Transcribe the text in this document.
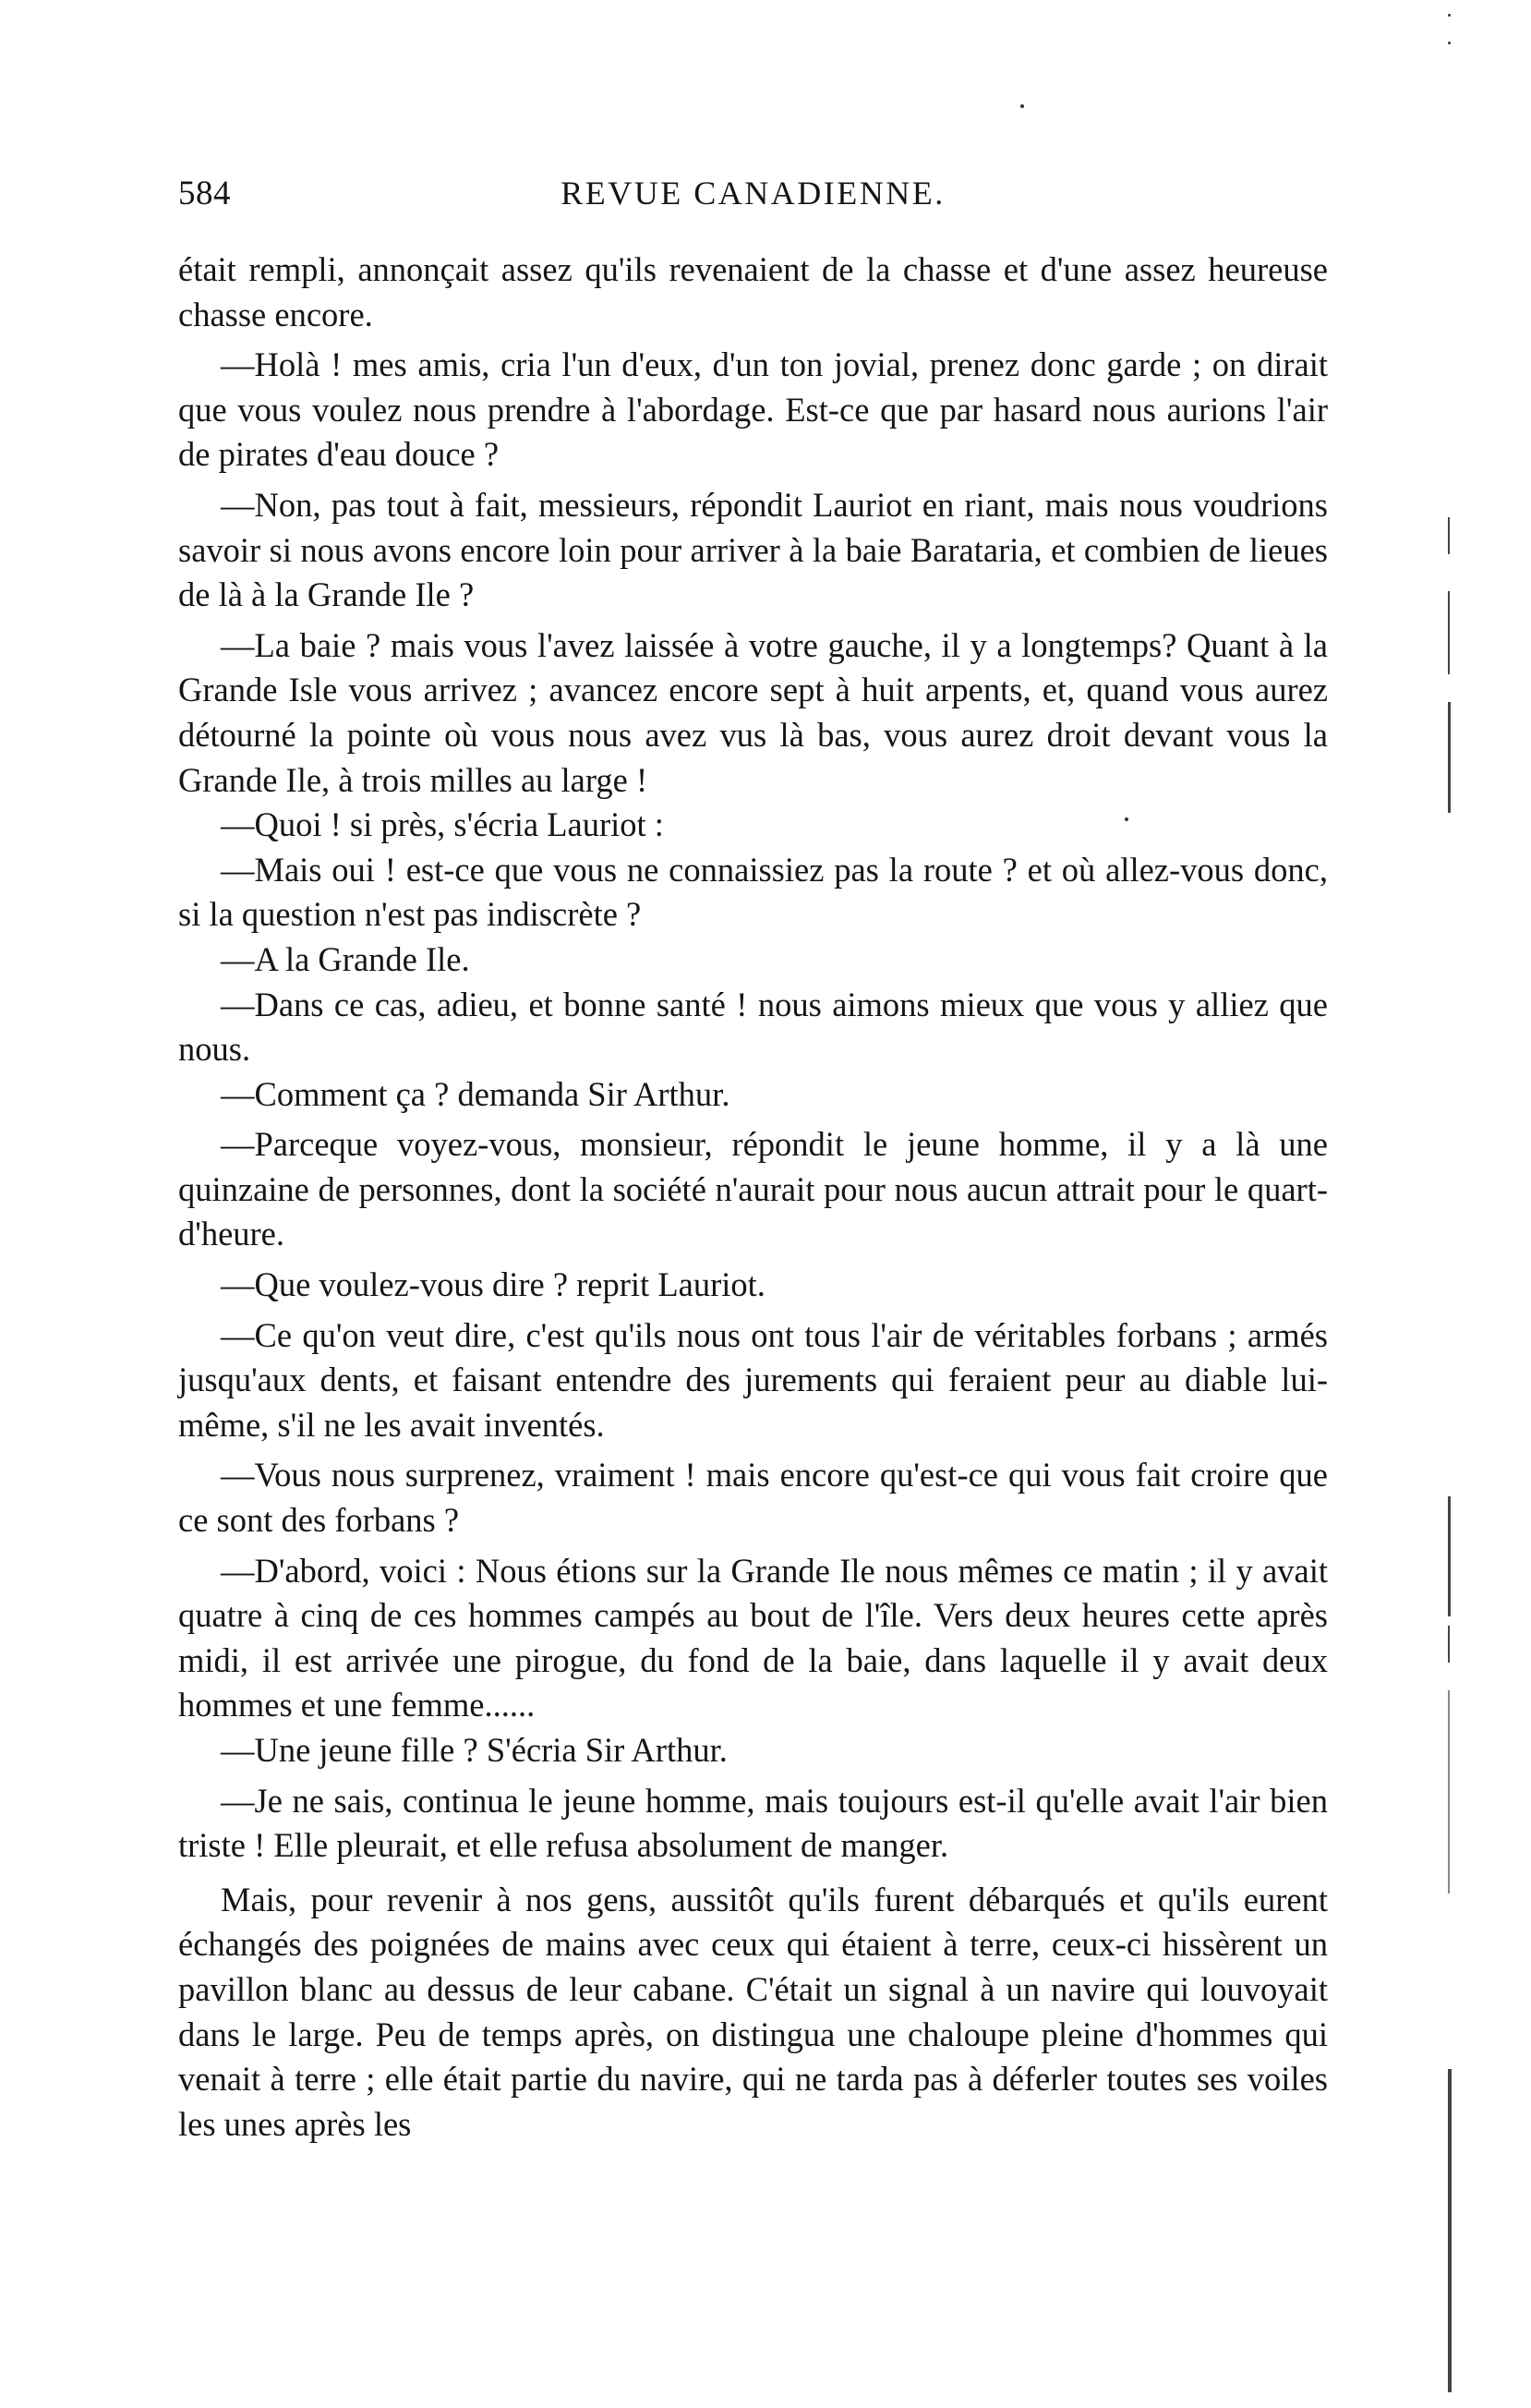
584	REVUE CANADIENNE.

était rempli, annonçait assez qu'ils revenaient de la chasse et d'une assez heureuse chasse encore.

—Holà ! mes amis, cria l'un d'eux, d'un ton jovial, prenez donc garde ; on dirait que vous voulez nous prendre à l'abordage. Est-ce que par hasard nous aurions l'air de pirates d'eau douce ?

—Non, pas tout à fait, messieurs, répondit Lauriot en riant, mais nous voudrions savoir si nous avons encore loin pour arriver à la baie Barataria, et combien de lieues de là à la Grande Ile ?

—La baie ? mais vous l'avez laissée à votre gauche, il y a longtemps? Quant à la Grande Isle vous arrivez ; avancez encore sept à huit arpents, et, quand vous aurez détourné la pointe où vous nous avez vus là bas, vous aurez droit devant vous la Grande Ile, à trois milles au large !

—Quoi ! si près, s'écria Lauriot :

—Mais oui ! est-ce que vous ne connaissiez pas la route ? et où allez-vous donc, si la question n'est pas indiscrète ?

—A la Grande Ile.

—Dans ce cas, adieu, et bonne santé ! nous aimons mieux que vous y alliez que nous.

—Comment ça ? demanda Sir Arthur.

—Parceque voyez-vous, monsieur, répondit le jeune homme, il y a là une quinzaine de personnes, dont la société n'aurait pour nous aucun attrait pour le quart-d'heure.

—Que voulez-vous dire ? reprit Lauriot.

—Ce qu'on veut dire, c'est qu'ils nous ont tous l'air de véritables forbans ; armés jusqu'aux dents, et faisant entendre des jurements qui feraient peur au diable lui-même, s'il ne les avait inventés.

—Vous nous surprenez, vraiment ! mais encore qu'est-ce qui vous fait croire que ce sont des forbans ?

—D'abord, voici : Nous étions sur la Grande Ile nous mêmes ce matin ; il y avait quatre à cinq de ces hommes campés au bout de l'île. Vers deux heures cette après midi, il est arrivée une pirogue, du fond de la baie, dans laquelle il y avait deux hommes et une femme......

—Une jeune fille ? S'écria Sir Arthur.

—Je ne sais, continua le jeune homme, mais toujours est-il qu'elle avait l'air bien triste ! Elle pleurait, et elle refusa absolument de manger.

Mais, pour revenir à nos gens, aussitôt qu'ils furent débarqués et qu'ils eurent échangés des poignées de mains avec ceux qui étaient à terre, ceux-ci hissèrent un pavillon blanc au dessus de leur cabane. C'était un signal à un navire qui louvoyait dans le large. Peu de temps après, on distingua une chaloupe pleine d'hommes qui venait à terre ; elle était partie du navire, qui ne tarda pas à déferler toutes ses voiles les unes après les
